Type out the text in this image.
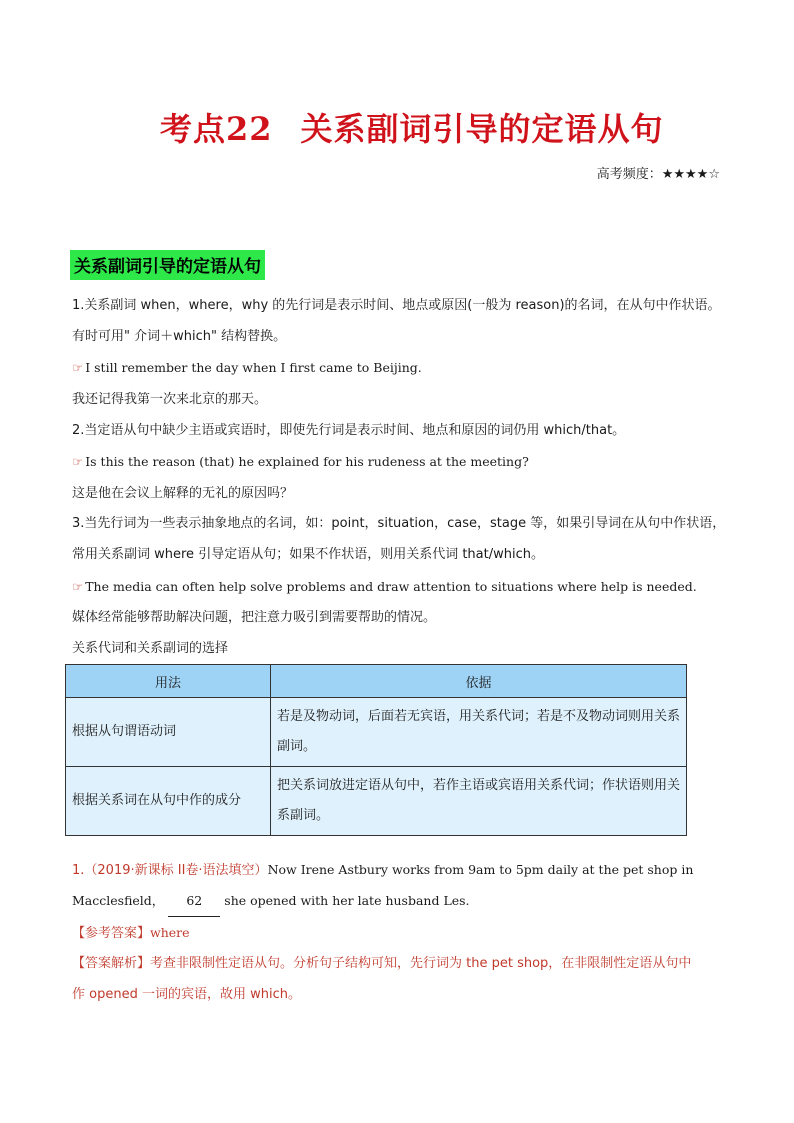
考点22 关系副词引导的定语从句
高考频度：★★★★☆
关系副词引导的定语从句
1.关系副词 when，where，why 的先行词是表示时间、地点或原因(一般为 reason)的名词，在从句中作状语。
有时可用" 介词＋which" 结构替换。
☞ I still remember the day when I first came to Beijing.
我还记得我第一次来北京的那天。
2.当定语从句中缺少主语或宾语时，即使先行词是表示时间、地点和原因的词仍用 which/that。
☞ Is this the reason (that) he explained for his rudeness at the meeting?
这是他在会议上解释的无礼的原因吗？
3.当先行词为一些表示抽象地点的名词，如：point，situation，case，stage 等，如果引导词在从句中作状语，
常用关系副词 where 引导定语从句；如果不作状语，则用关系代词 that/which。
☞ The media can often help solve problems and draw attention to situations where help is needed.
媒体经常能够帮助解决问题，把注意力吸引到需要帮助的情况。
关系代词和关系副词的选择
用法	依据
根据从句谓语动词	若是及物动词，后面若无宾语，用关系代词；若是不及物动词则用关系副词。
根据关系词在从句中作的成分	把关系词放进定语从句中，若作主语或宾语用关系代词；作状语则用关系副词。
1.（2019·新课标 II卷·语法填空）Now Irene Astbury works from 9am to 5pm daily at the pet shop in
Macclesfield， 62 she opened with her late husband Les.
【参考答案】where
【答案解析】考查非限制性定语从句。分析句子结构可知，先行词为 the pet shop，在非限制性定语从句中
作 opened 一词的宾语，故用 which。
